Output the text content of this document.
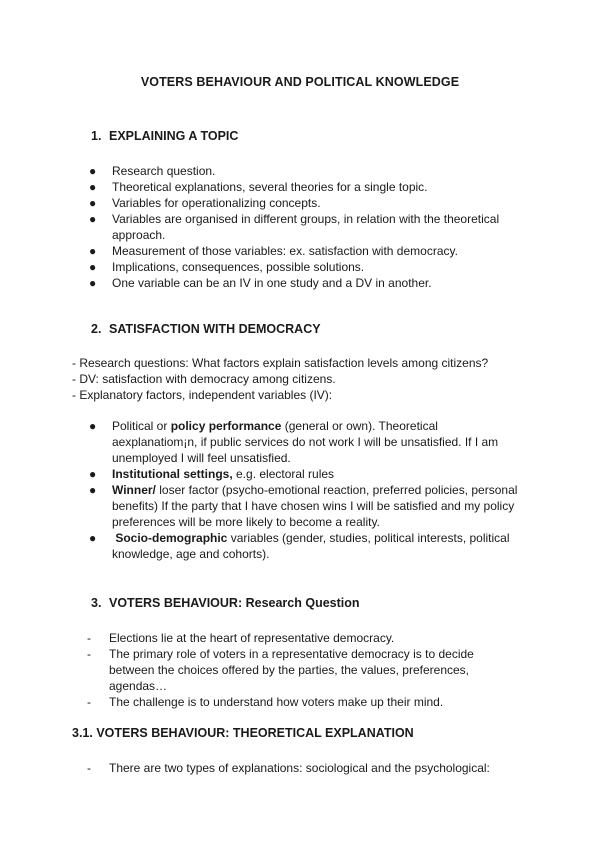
VOTERS BEHAVIOUR AND POLITICAL KNOWLEDGE
1. EXPLAINING A TOPIC
●	Research question.
●	Theoretical explanations, several theories for a single topic.
●	Variables for operationalizing concepts.
●	Variables are organised in different groups, in relation with the theoretical approach.
●	Measurement of those variables: ex. satisfaction with democracy.
●	Implications, consequences, possible solutions.
●	One variable can be an IV in one study and a DV in another.
2. SATISFACTION WITH DEMOCRACY
- Research questions: What factors explain satisfaction levels among citizens?
- DV: satisfaction with democracy among citizens.
- Explanatory factors, independent variables (IV):
●	Political or policy performance (general or own). Theoretical aexplanatiom¡n, if public services do not work I will be unsatisfied. If I am unemployed I will feel unsatisfied.
●	Institutional settings, e.g. electoral rules
●	Winner/ loser factor (psycho-emotional reaction, preferred policies, personal benefits) If the party that I have chosen wins I will be satisfied and my policy preferences will be more likely to become a reality.
●	Socio-demographic variables (gender, studies, political interests, political knowledge, age and cohorts).
3. VOTERS BEHAVIOUR: Research Question
- Elections lie at the heart of representative democracy.
- The primary role of voters in a representative democracy is to decide between the choices offered by the parties, the values, preferences, agendas…
- The challenge is to understand how voters make up their mind.
3.1. VOTERS BEHAVIOUR: THEORETICAL EXPLANATION
- There are two types of explanations: sociological and the psychological:
